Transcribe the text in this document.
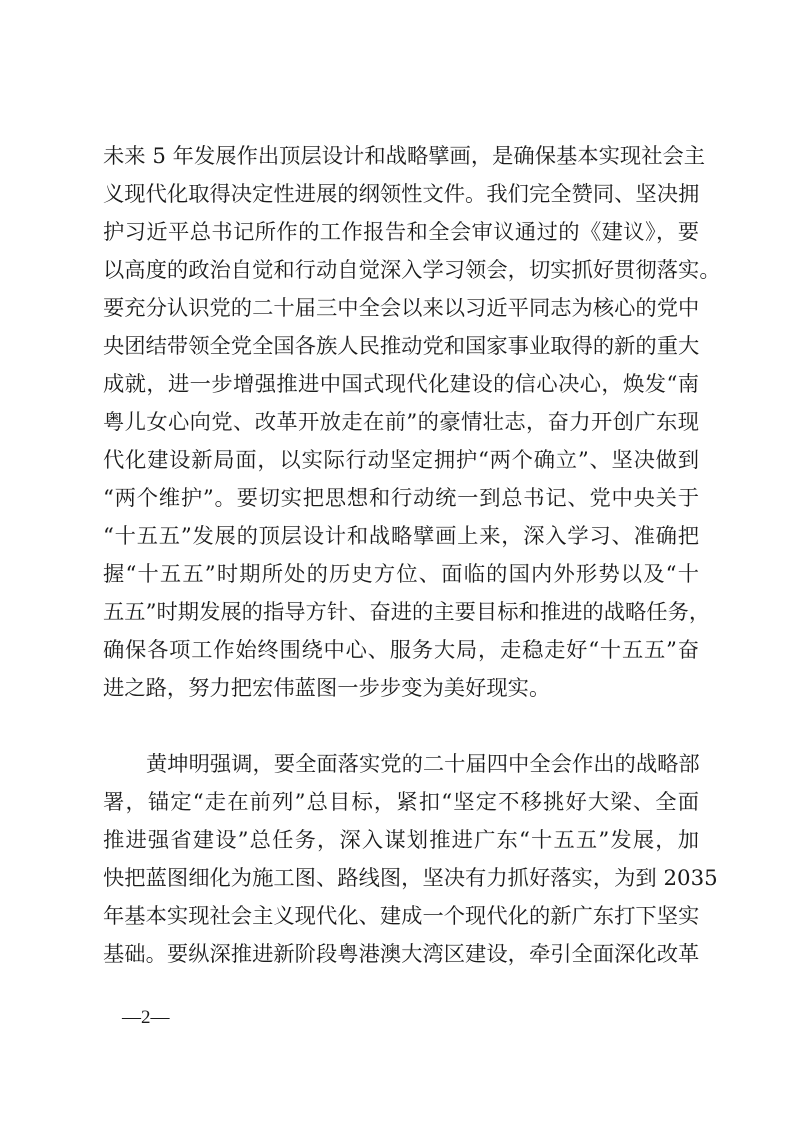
未来 5 年发展作出顶层设计和战略擘画，是确保基本实现社会主
义现代化取得决定性进展的纲领性文件。我们完全赞同、坚决拥
护习近平总书记所作的工作报告和全会审议通过的《建议》，要
以高度的政治自觉和行动自觉深入学习领会，切实抓好贯彻落实。
要充分认识党的二十届三中全会以来以习近平同志为核心的党中
央团结带领全党全国各族人民推动党和国家事业取得的新的重大
成就，进一步增强推进中国式现代化建设的信心决心，焕发“南
粤儿女心向党、改革开放走在前”的豪情壮志，奋力开创广东现
代化建设新局面，以实际行动坚定拥护“两个确立”、坚决做到
“两个维护”。要切实把思想和行动统一到总书记、党中央关于
“十五五”发展的顶层设计和战略擘画上来，深入学习、准确把
握“十五五”时期所处的历史方位、面临的国内外形势以及“十
五五”时期发展的指导方针、奋进的主要目标和推进的战略任务，
确保各项工作始终围绕中心、服务大局，走稳走好“十五五”奋
进之路，努力把宏伟蓝图一步步变为美好现实。
黄坤明强调，要全面落实党的二十届四中全会作出的战略部
署，锚定“走在前列”总目标，紧扣“坚定不移挑好大梁、全面
推进强省建设”总任务，深入谋划推进广东“十五五”发展，加
快把蓝图细化为施工图、路线图，坚决有力抓好落实，为到 2035
年基本实现社会主义现代化、建成一个现代化的新广东打下坚实
基础。要纵深推进新阶段粤港澳大湾区建设，牵引全面深化改革
—2—
